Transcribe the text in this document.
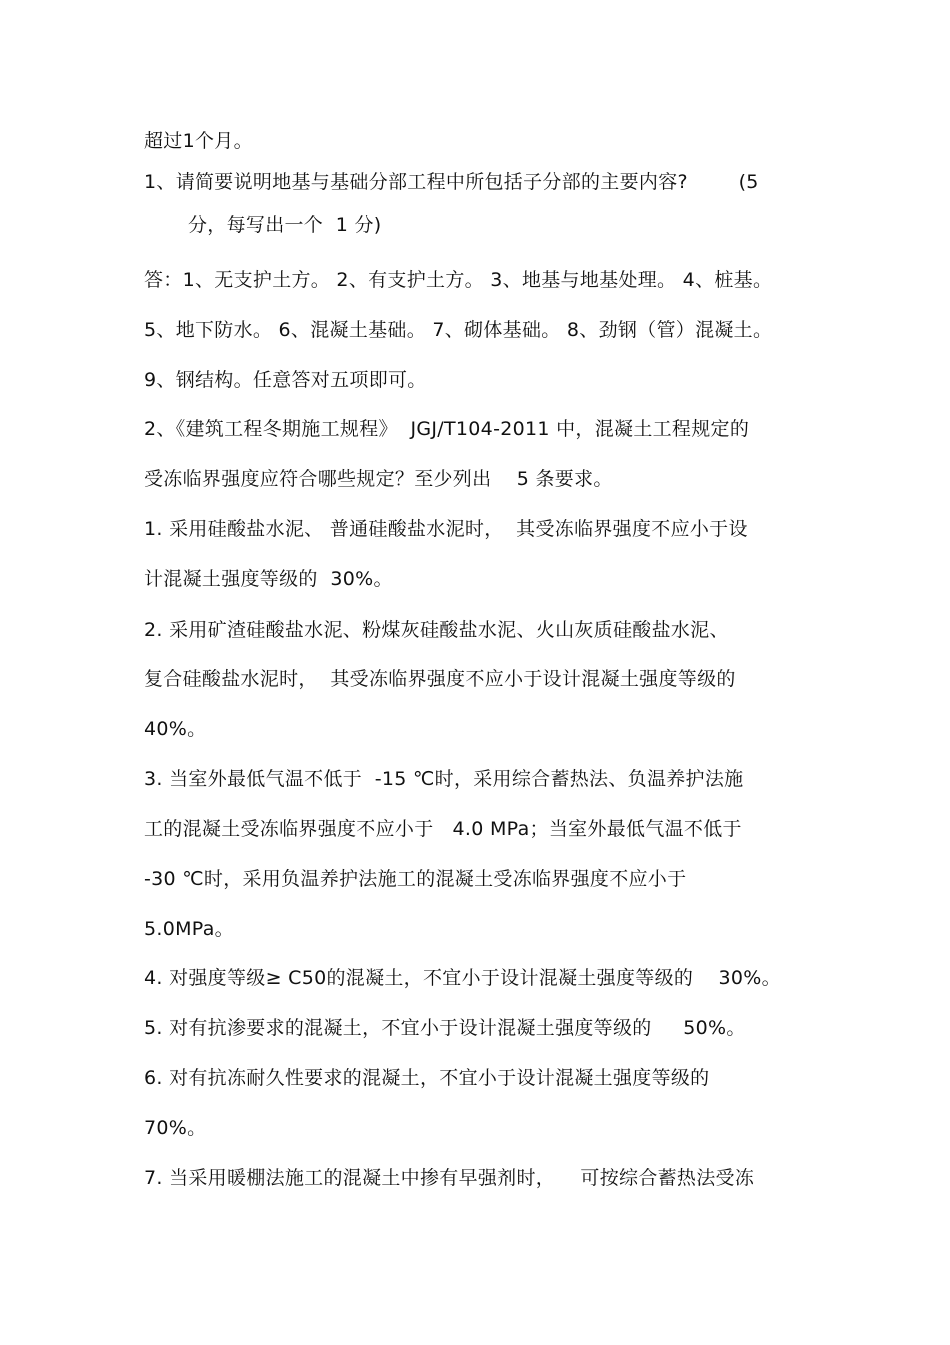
超过1个月。
1、请简要说明地基与基础分部工程中所包括子分部的主要内容?        (5
分，每写出一个  1 分)
答：1、无支护土方。 2、有支护土方。 3、地基与地基处理。 4、桩基。
5、地下防水。 6、混凝土基础。 7、砌体基础。 8、劲钢（管）混凝土。
9、钢结构。任意答对五项即可。
2、《建筑工程冬期施工规程》  JGJ/T104-2011 中，混凝土工程规定的
受冻临界强度应符合哪些规定？至少列出    5 条要求。
1. 采用硅酸盐水泥、 普通硅酸盐水泥时，  其受冻临界强度不应小于设
计混凝土强度等级的  30%。
2. 采用矿渣硅酸盐水泥、粉煤灰硅酸盐水泥、火山灰质硅酸盐水泥、
复合硅酸盐水泥时，  其受冻临界强度不应小于设计混凝土强度等级的
40%。
3. 当室外最低气温不低于  -15 ℃时，采用综合蓄热法、负温养护法施
工的混凝土受冻临界强度不应小于   4.0 MPa；当室外最低气温不低于
-30 ℃时，采用负温养护法施工的混凝土受冻临界强度不应小于
5.0MPa。
4. 对强度等级≥ C50的混凝土，不宜小于设计混凝土强度等级的    30%。
5. 对有抗渗要求的混凝土，不宜小于设计混凝土强度等级的     50%。
6. 对有抗冻耐久性要求的混凝土，不宜小于设计混凝土强度等级的
70%。
7. 当采用暖棚法施工的混凝土中掺有早强剂时，    可按综合蓄热法受冻
